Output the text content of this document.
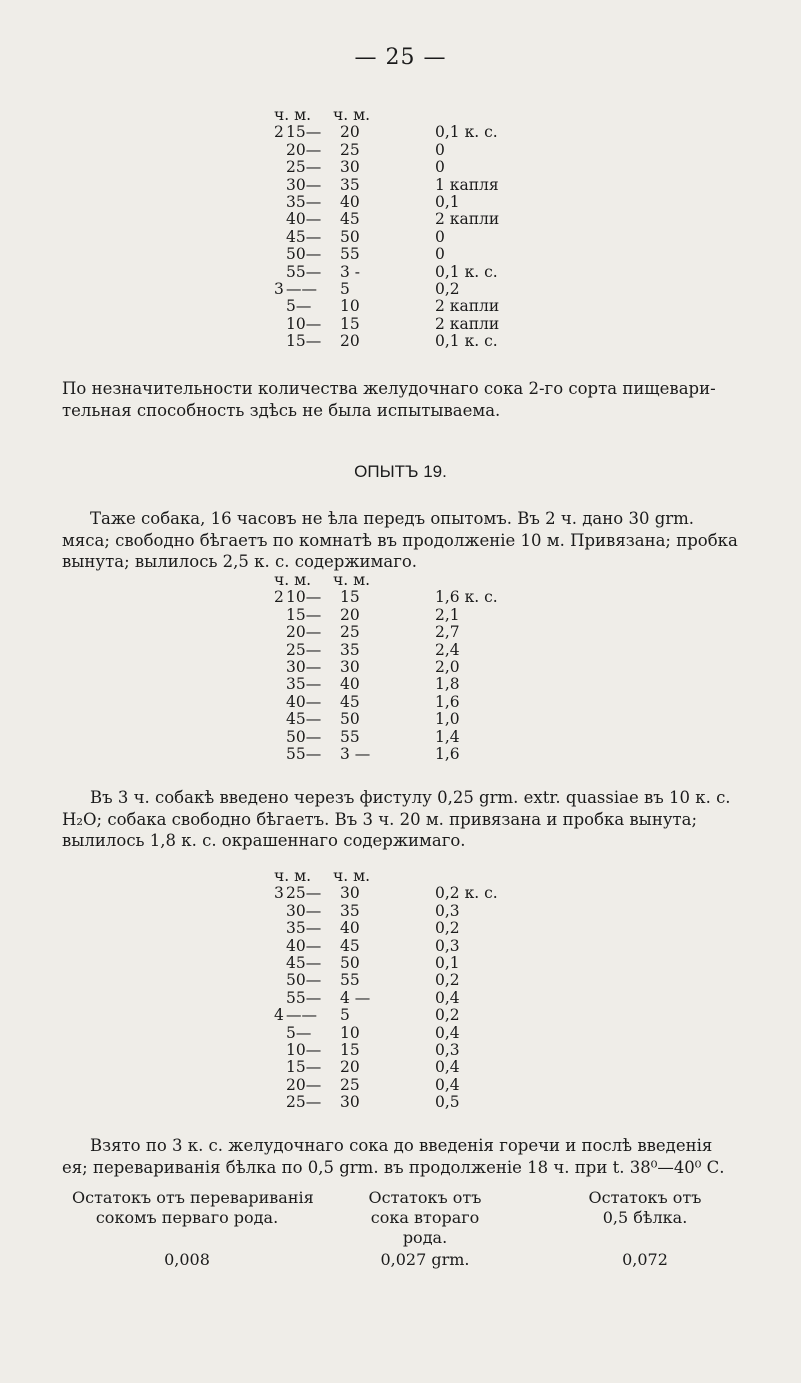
— 25 —
ч. м. ч. м.
2 15— 20	0,1 к. с.
20— 25	0
25— 30	0
30— 35	1 капля
35— 40	0,1
40— 45	2 капли
45— 50	0
50— 55	0
55— 3 -	0,1 к. с.
3 —— 5	0,2
5— 10	2 капли
10— 15	2 капли
15— 20	0,1 к. с.
По незначительности количества желудочнаго сока 2-го сорта пищевари-
тельная способность здѣсь не была испытываема.
ОПЫТЪ 19.
Таже собака, 16 часовъ не ѣла передъ опытомъ. Въ 2 ч. дано 30 grm.
мяса; свободно бѣгаетъ по комнатѣ въ продолженіе 10 м. Привязана; пробка
вынута; вылилось 2,5 к. с. содержимаго.
ч. м. ч. м.
2 10— 15	1,6 к. с.
15— 20	2,1
20— 25	2,7
25— 35	2,4
30— 30	2,0
35— 40	1,8
40— 45	1,6
45— 50	1,0
50— 55	1,4
55— 3 —	1,6
Въ 3 ч. собакѣ введено черезъ фистулу 0,25 grm. extr. quassiae въ 10 к. с.
H₂O; собака свободно бѣгаетъ. Въ 3 ч. 20 м. привязана и пробка вынута;
вылилось 1,8 к. с. окрашеннаго содержимаго.
ч. м. ч. м.
3 25— 30	0,2 к. с.
30— 35	0,3
35— 40	0,2
40— 45	0,3
45— 50	0,1
50— 55	0,2
55— 4 —	0,4
4 —— 5	0,2
5— 10	0,4
10— 15	0,3
15— 20	0,4
20— 25	0,4
25— 30	0,5
Взято по 3 к. с. желудочнаго сока до введенія горечи и послѣ введенія
ея; перевариванія бѣлка по 0,5 grm. въ продолженіе 18 ч. при t. 38⁰—40⁰ С.
Остатокъ отъ перевариванія
сокомъ перваго рода.
0,008
Остатокъ отъ
сока втораго
рода.
0,027 grm.
Остатокъ отъ
0,5 бѣлка.
0,072
